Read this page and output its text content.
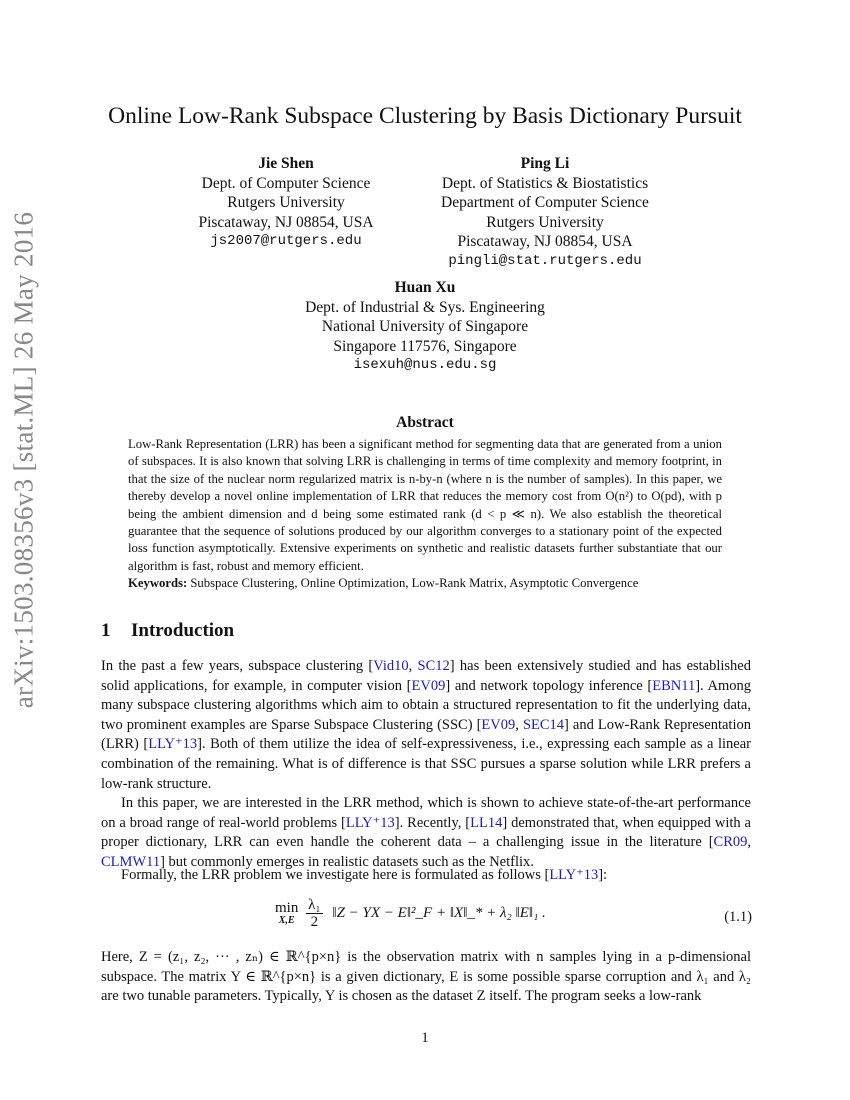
arXiv:1503.08356v3 [stat.ML] 26 May 2016
Online Low-Rank Subspace Clustering by Basis Dictionary Pursuit
Jie Shen
Dept. of Computer Science
Rutgers University
Piscataway, NJ 08854, USA
js2007@rutgers.edu
Ping Li
Dept. of Statistics & Biostatistics
Department of Computer Science
Rutgers University
Piscataway, NJ 08854, USA
pingli@stat.rutgers.edu
Huan Xu
Dept. of Industrial & Sys. Engineering
National University of Singapore
Singapore 117576, Singapore
isexuh@nus.edu.sg
Abstract
Low-Rank Representation (LRR) has been a significant method for segmenting data that are generated from a union of subspaces. It is also known that solving LRR is challenging in terms of time complexity and memory footprint, in that the size of the nuclear norm regularized matrix is n-by-n (where n is the number of samples). In this paper, we thereby develop a novel online implementation of LRR that reduces the memory cost from O(n²) to O(pd), with p being the ambient dimension and d being some estimated rank (d < p ≪ n). We also establish the theoretical guarantee that the sequence of solutions produced by our algorithm converges to a stationary point of the expected loss function asymptotically. Extensive experiments on synthetic and realistic datasets further substantiate that our algorithm is fast, robust and memory efficient.
Keywords: Subspace Clustering, Online Optimization, Low-Rank Matrix, Asymptotic Convergence
1 Introduction

In the past a few years, subspace clustering [Vid10, SC12] has been extensively studied and has established solid applications, for example, in computer vision [EV09] and network topology inference [EBN11]. Among many subspace clustering algorithms which aim to obtain a structured representation to fit the underlying data, two prominent examples are Sparse Subspace Clustering (SSC) [EV09, SEC14] and Low-Rank Representation (LRR) [LLY⁺13]. Both of them utilize the idea of self-expressiveness, i.e., expressing each sample as a linear combination of the remaining. What is of difference is that SSC pursues a sparse solution while LRR prefers a low-rank structure.

In this paper, we are interested in the LRR method, which is shown to achieve state-of-the-art performance on a broad range of real-world problems [LLY⁺13]. Recently, [LL14] demonstrated that, when equipped with a proper dictionary, LRR can even handle the coherent data – a challenging issue in the literature [CR09, CLMW11] but commonly emerges in realistic datasets such as the Netflix.

Formally, the LRR problem we investigate here is formulated as follows [LLY⁺13]:

min
X,E
$\frac{\text{λ₁}}{2}$ ‖Z − YX − E‖²_F + ‖X‖_* + λ₂ ‖E‖₁ .	(1.1)

Here, Z = (z₁, z₂, ··· , zₙ) ∈ ℝ^{p×n} is the observation matrix with n samples lying in a p-dimensional subspace. The matrix Y ∈ ℝ^{p×n} is a given dictionary, E is some possible sparse corruption and λ₁ and λ₂ are two tunable parameters. Typically, Y is chosen as the dataset Z itself. The program seeks a low-rank

1
